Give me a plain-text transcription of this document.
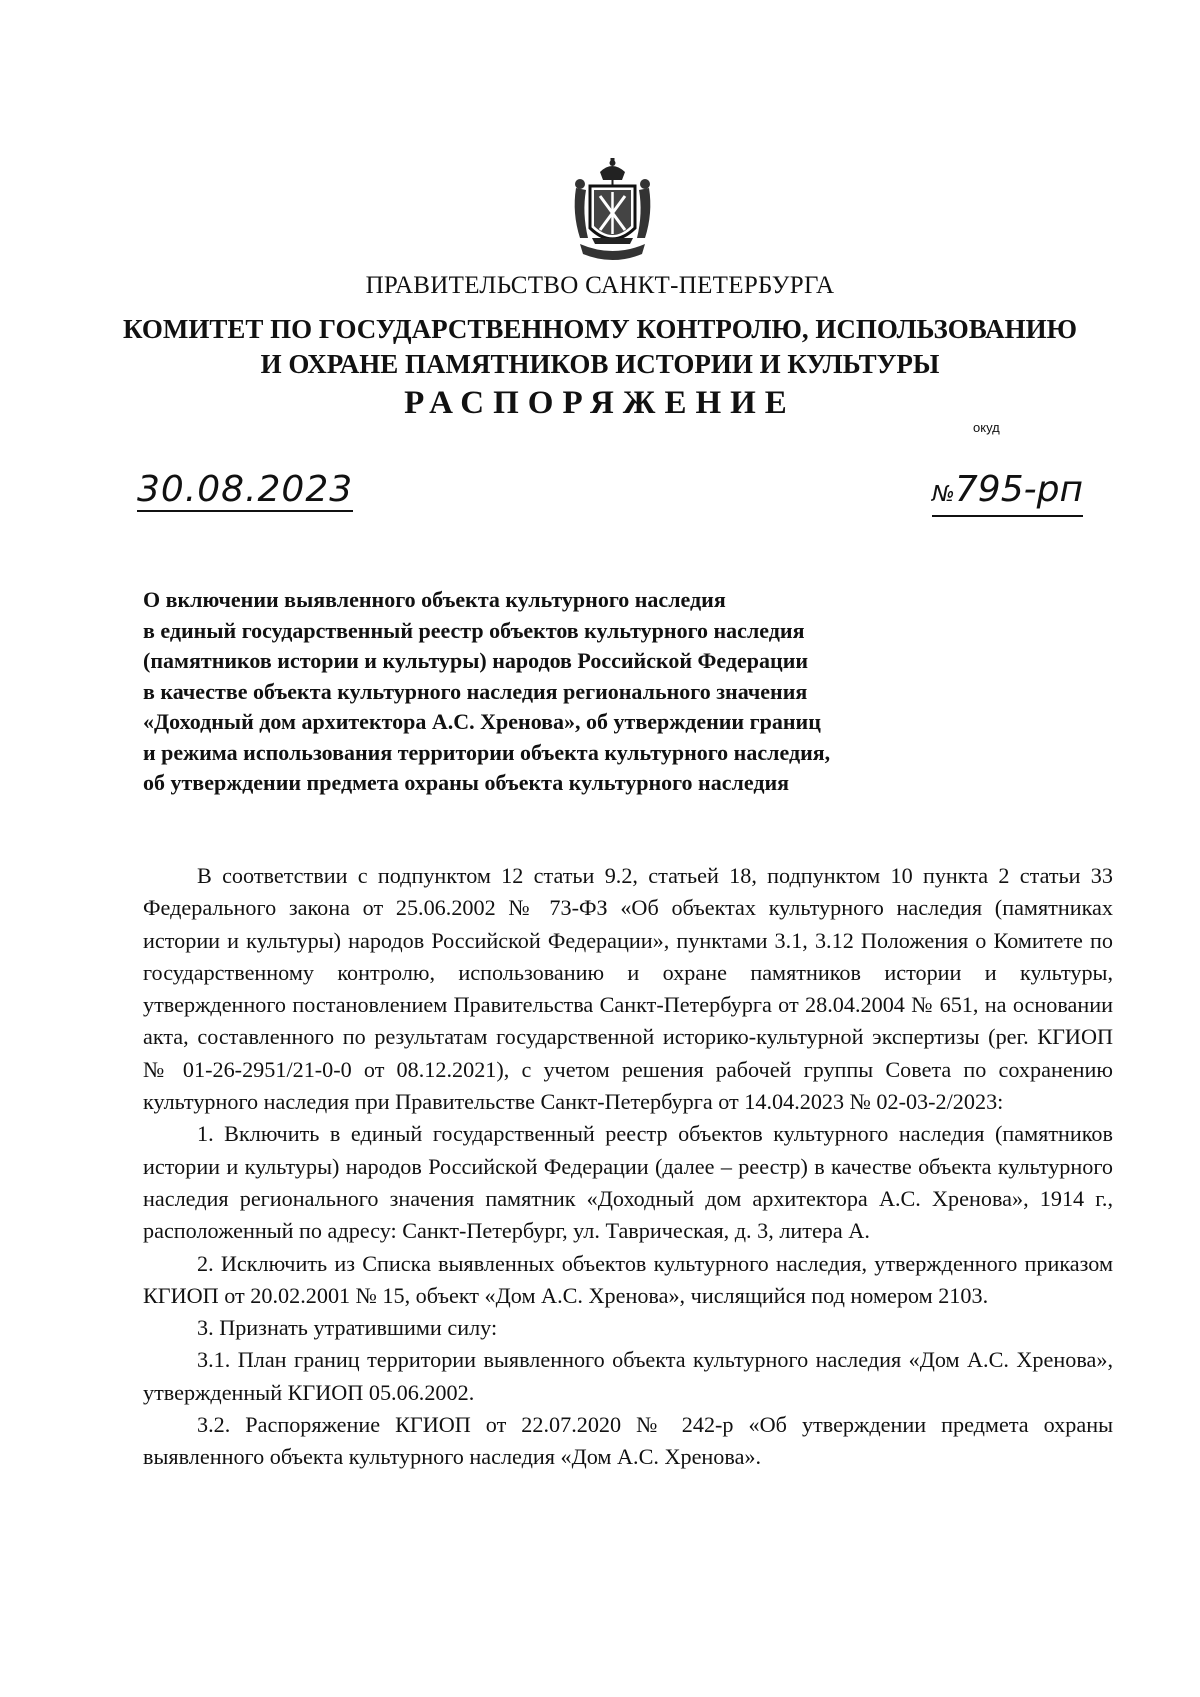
ПРАВИТЕЛЬСТВО САНКТ-ПЕТЕРБУРГА
КОМИТЕТ ПО ГОСУДАРСТВЕННОМУ КОНТРОЛЮ, ИСПОЛЬЗОВАНИЮ
И ОХРАНЕ ПАМЯТНИКОВ ИСТОРИИ И КУЛЬТУРЫ
РАСПОРЯЖЕНИЕ
окуд
30.08.2023	№795-рп
О включении выявленного объекта культурного наследия
в единый государственный реестр объектов культурного наследия
(памятников истории и культуры) народов Российской Федерации
в качестве объекта культурного наследия регионального значения
«Доходный дом архитектора А.С. Хренова», об утверждении границ
и режима использования территории объекта культурного наследия,
об утверждении предмета охраны объекта культурного наследия

В соответствии с подпунктом 12 статьи 9.2, статьей 18, подпунктом 10 пункта 2 статьи 33 Федерального закона от 25.06.2002 № 73-ФЗ «Об объектах культурного наследия (памятниках истории и культуры) народов Российской Федерации», пунктами 3.1, 3.12 Положения о Комитете по государственному контролю, использованию и охране памятников истории и культуры, утвержденного постановлением Правительства Санкт-Петербурга от 28.04.2004 № 651, на основании акта, составленного по результатам государственной историко-культурной экспертизы (рег. КГИОП № 01-26-2951/21-0-0 от 08.12.2021), с учетом решения рабочей группы Совета по сохранению культурного наследия при Правительстве Санкт-Петербурга от 14.04.2023 № 02-03-2/2023:

1. Включить в единый государственный реестр объектов культурного наследия (памятников истории и культуры) народов Российской Федерации (далее – реестр) в качестве объекта культурного наследия регионального значения памятник «Доходный дом архитектора А.С. Хренова», 1914 г., расположенный по адресу: Санкт-Петербург, ул. Таврическая, д. 3, литера А.

2. Исключить из Списка выявленных объектов культурного наследия, утвержденного приказом КГИОП от 20.02.2001 № 15, объект «Дом А.С. Хренова», числящийся под номером 2103.

3. Признать утратившими силу:

3.1. План границ территории выявленного объекта культурного наследия «Дом А.С. Хренова», утвержденный КГИОП 05.06.2002.

3.2. Распоряжение КГИОП от 22.07.2020 № 242-р «Об утверждении предмета охраны выявленного объекта культурного наследия «Дом А.С. Хренова».
